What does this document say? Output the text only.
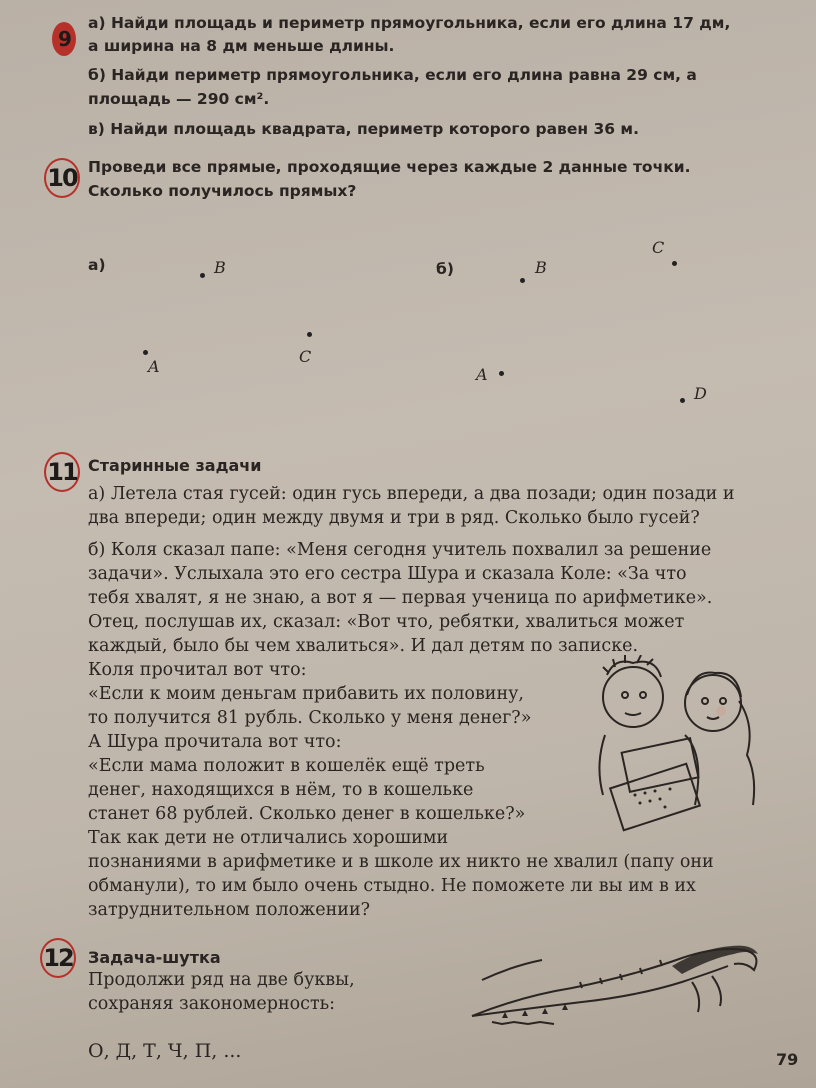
9
а) Найди площадь и периметр прямоугольника, если его длина 17 дм,
а ширина на 8 дм меньше длины.
б) Найди периметр прямоугольника, если его длина равна 29 см, а
площадь — 290 см².
в) Найди площадь квадрата, периметр которого равен 36 м.
10 Проведи все прямые, проходящие через каждые 2 данные точки.
Сколько получилось прямых?
а)	B
A
C
б)	B
C
A
D
11 Старинные задачи
а) Летела стая гусей: один гусь впереди, а два позади; один позади и
два впереди; один между двумя и три в ряд. Сколько было гусей?
б) Коля сказал папе: «Меня сегодня учитель похвалил за решение
задачи». Услыхала это его сестра Шура и сказала Коле: «За что
тебя хвалят, я не знаю, а вот я — первая ученица по арифметике».
Отец, послушав их, сказал: «Вот что, ребятки, хвалиться может
каждый, было бы чем хвалиться». И дал детям по записке.
Коля прочитал вот что:
«Если к моим деньгам прибавить их половину,
то получится 81 рубль. Сколько у меня денег?»
А Шура прочитала вот что:
«Если мама положит в кошелёк ещё треть
денег, находящихся в нём, то в кошельке
станет 68 рублей. Сколько денег в кошельке?»
Так как дети не отличались хорошими
познаниями в арифметике и в школе их никто не хвалил (папу они
обманули), то им было очень стыдно. Не поможете ли вы им в их
затруднительном положении?
12 Задача-шутка
Продолжи ряд на две буквы,
сохраняя закономерность:
О, Д, Т, Ч, П, ...	79
